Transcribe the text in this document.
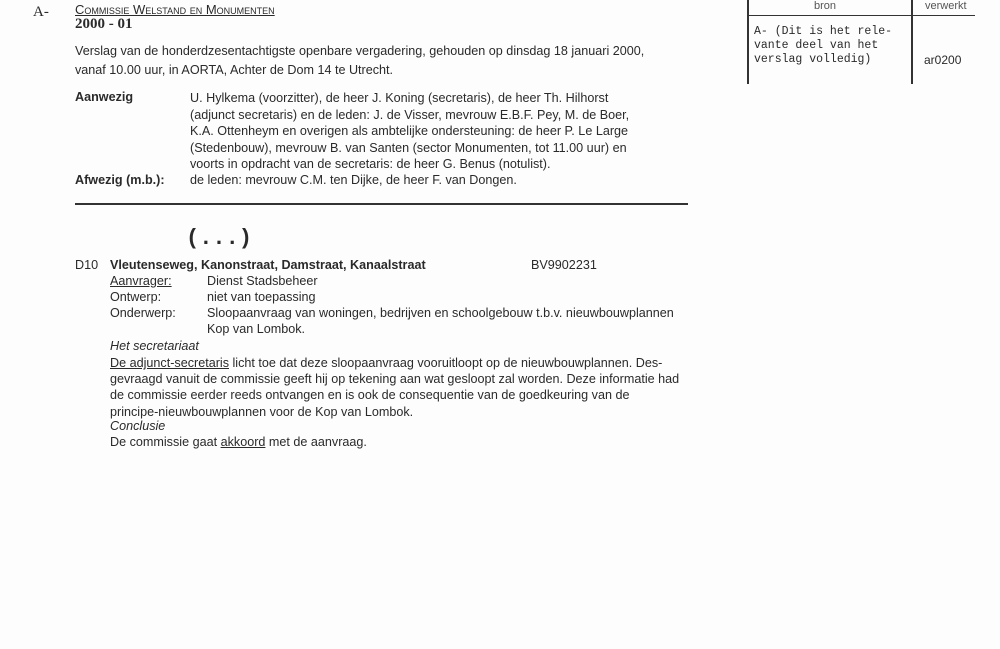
A- Commissie Welstand en Monumenten
2000 - 01
Verslag van de honderdzesentachtigste openbare vergadering, gehouden op dinsdag 18 januari 2000,
vanaf 10.00 uur, in AORTA, Achter de Dom 14 te Utrecht.
Aanwezig	U. Hylkema (voorzitter), de heer J. Koning (secretaris), de heer Th. Hilhorst
(adjunct secretaris) en de leden: J. de Visser, mevrouw E.B.F. Pey, M. de Boer,
K.A. Ottenheym en overigen als ambtelijke ondersteuning: de heer P. Le Large
(Stedenbouw), mevrouw B. van Santen (sector Monumenten, tot 11.00 uur) en
voorts in opdracht van de secretaris: de heer G. Benus (notulist).
Afwezig (m.b.): de leden: mevrouw C.M. ten Dijke, de heer F. van Dongen.
(...)
D10 Vleutenseweg, Kanonstraat, Damstraat, Kanaalstraat	BV9902231
Aanvrager:	Dienst Stadsbeheer
Ontwerp:	niet van toepassing
Onderwerp: Sloopaanvraag van woningen, bedrijven en schoolgebouw t.b.v. nieuwbouwplannen
Kop van Lombok.
Het secretariaat
De adjunct-secretaris licht toe dat deze sloopaanvraag vooruitloopt op de nieuwbouwplannen. Des-
gevraagd vanuit de commissie geeft hij op tekening aan wat gesloopt zal worden. Deze informatie had
de commissie eerder reeds ontvangen en is ook de consequentie van de goedkeuring van de
principe-nieuwbouwplannen voor de Kop van Lombok.
Conclusie
De commissie gaat akkoord met de aanvraag.
bron	verwerkt
A- (Dit is het rele-
vante deel van het
verslag volledig)	ar0200
